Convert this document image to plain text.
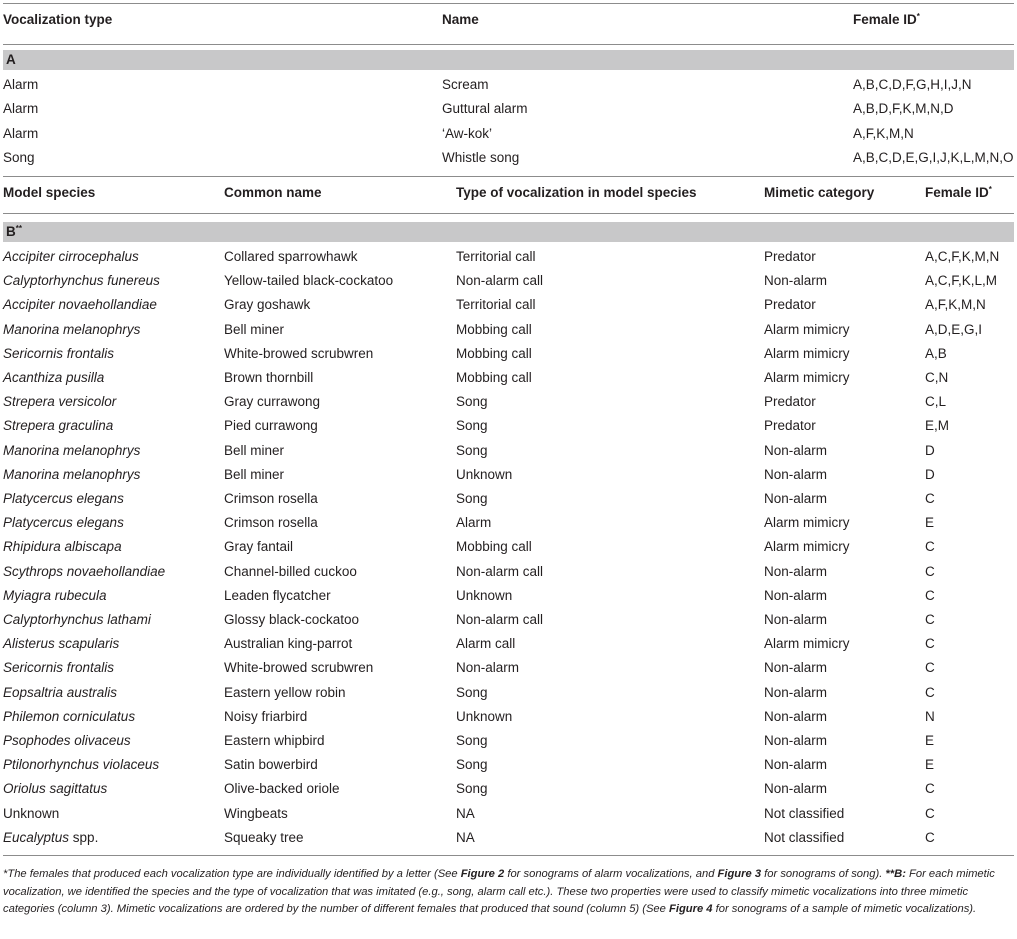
Vocalization type	Name	Female ID*
A
Alarm	Scream	A,B,C,D,F,G,H,I,J,N
Alarm	Guttural alarm	A,B,D,F,K,M,N,D
Alarm	‘Aw-kok’	A,F,K,M,N
Song	Whistle song	A,B,C,D,E,G,I,J,K,L,M,N,O
Model species	Common name	Type of vocalization in model species	Mimetic category	Female ID*
B**
Accipiter cirrocephalus	Collared sparrowhawk	Territorial call	Predator	A,C,F,K,M,N
Calyptorhynchus funereus	Yellow-tailed black-cockatoo	Non-alarm call	Non-alarm	A,C,F,K,L,M
Accipiter novaehollandiae	Gray goshawk	Territorial call	Predator	A,F,K,M,N
Manorina melanophrys	Bell miner	Mobbing call	Alarm mimicry	A,D,E,G,I
Sericornis frontalis	White-browed scrubwren	Mobbing call	Alarm mimicry	A,B
Acanthiza pusilla	Brown thornbill	Mobbing call	Alarm mimicry	C,N
Strepera versicolor	Gray currawong	Song	Predator	C,L
Strepera graculina	Pied currawong	Song	Predator	E,M
Manorina melanophrys	Bell miner	Song	Non-alarm	D
Manorina melanophrys	Bell miner	Unknown	Non-alarm	D
Platycercus elegans	Crimson rosella	Song	Non-alarm	C
Platycercus elegans	Crimson rosella	Alarm	Alarm mimicry	E
Rhipidura albiscapa	Gray fantail	Mobbing call	Alarm mimicry	C
Scythrops novaehollandiae	Channel-billed cuckoo	Non-alarm call	Non-alarm	C
Myiagra rubecula	Leaden flycatcher	Unknown	Non-alarm	C
Calyptorhynchus lathami	Glossy black-cockatoo	Non-alarm call	Non-alarm	C
Alisterus scapularis	Australian king-parrot	Alarm call	Alarm mimicry	C
Sericornis frontalis	White-browed scrubwren	Non-alarm	Non-alarm	C
Eopsaltria australis	Eastern yellow robin	Song	Non-alarm	C
Philemon corniculatus	Noisy friarbird	Unknown	Non-alarm	N
Psophodes olivaceus	Eastern whipbird	Song	Non-alarm	E
Ptilonorhynchus violaceus	Satin bowerbird	Song	Non-alarm	E
Oriolus sagittatus	Olive-backed oriole	Song	Non-alarm	C
Unknown	Wingbeats	NA	Not classified	C
Eucalyptus spp.	Squeaky tree	NA	Not classified	C
*The females that produced each vocalization type are individually identified by a letter (See Figure 2 for sonograms of alarm vocalizations, and Figure 3 for sonograms of song). **B: For each mimetic vocalization, we identified the species and the type of vocalization that was imitated (e.g., song, alarm call etc.). These two properties were used to classify mimetic vocalizations into three mimetic categories (column 3). Mimetic vocalizations are ordered by the number of different females that produced that sound (column 5) (See Figure 4 for sonograms of a sample of mimetic vocalizations).
